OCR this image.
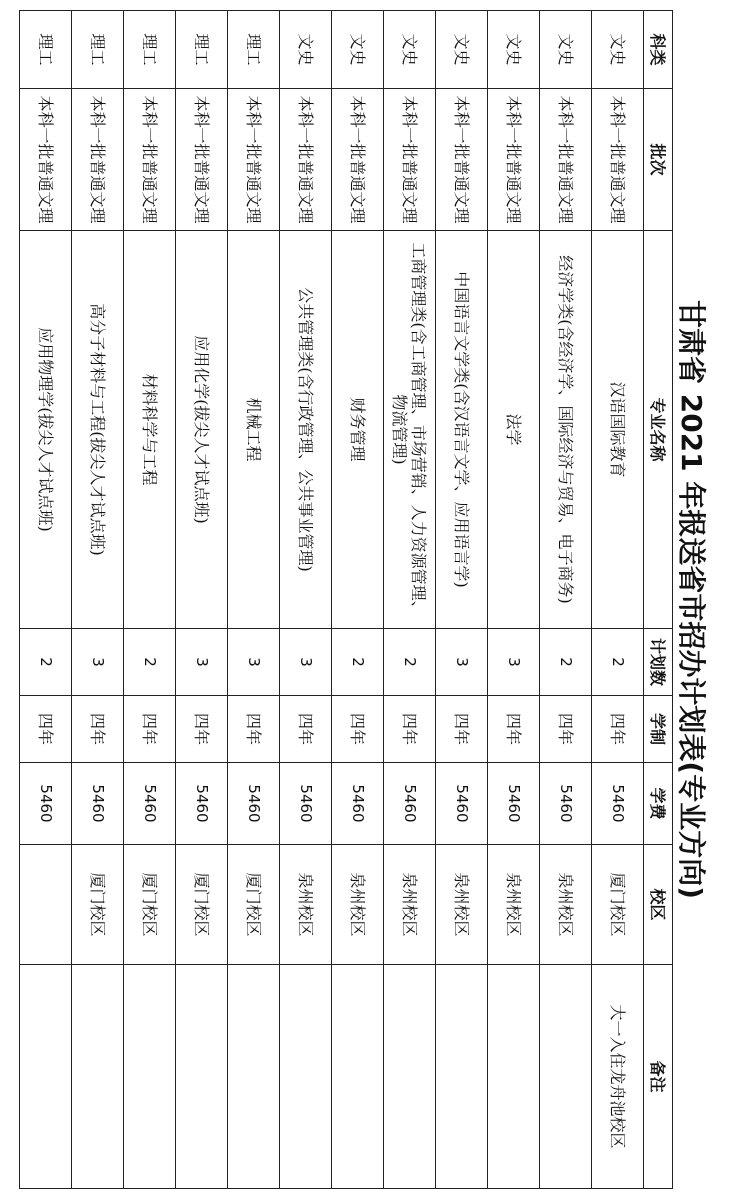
甘肃省 2021 年报送省市招办计划表(专业方向)
科类	批次	专业名称	计划数	学制	学费	校区	备注
文史	本科一批普通文理	汉语国际教育	2	四年	5460	厦门校区	大一入住龙舟池校区
文史	本科一批普通文理	经济学类(含经济学、国际经济与贸易、电子商务)	2	四年	5460	泉州校区	
文史	本科一批普通文理	法学	3	四年	5460	泉州校区	
文史	本科一批普通文理	中国语言文学类(含汉语言文学、应用语言学)	3	四年	5460	泉州校区	
文史	本科一批普通文理	工商管理类(含工商管理、市场营销、人力资源管理、物流管理)	2	四年	5460	泉州校区	
文史	本科一批普通文理	财务管理	2	四年	5460	泉州校区	
文史	本科一批普通文理	公共管理类(含行政管理、公共事业管理)	3	四年	5460	泉州校区	
理工	本科一批普通文理	机械工程	3	四年	5460	厦门校区	
理工	本科一批普通文理	应用化学(拔尖人才试点班)	3	四年	5460	厦门校区	
理工	本科一批普通文理	材料科学与工程	2	四年	5460	厦门校区	
理工	本科一批普通文理	高分子材料与工程(拔尖人才试点班)	3	四年	5460	厦门校区	
理工	本科一批普通文理	应用物理学(拔尖人才试点班)	2	四年	5460		
